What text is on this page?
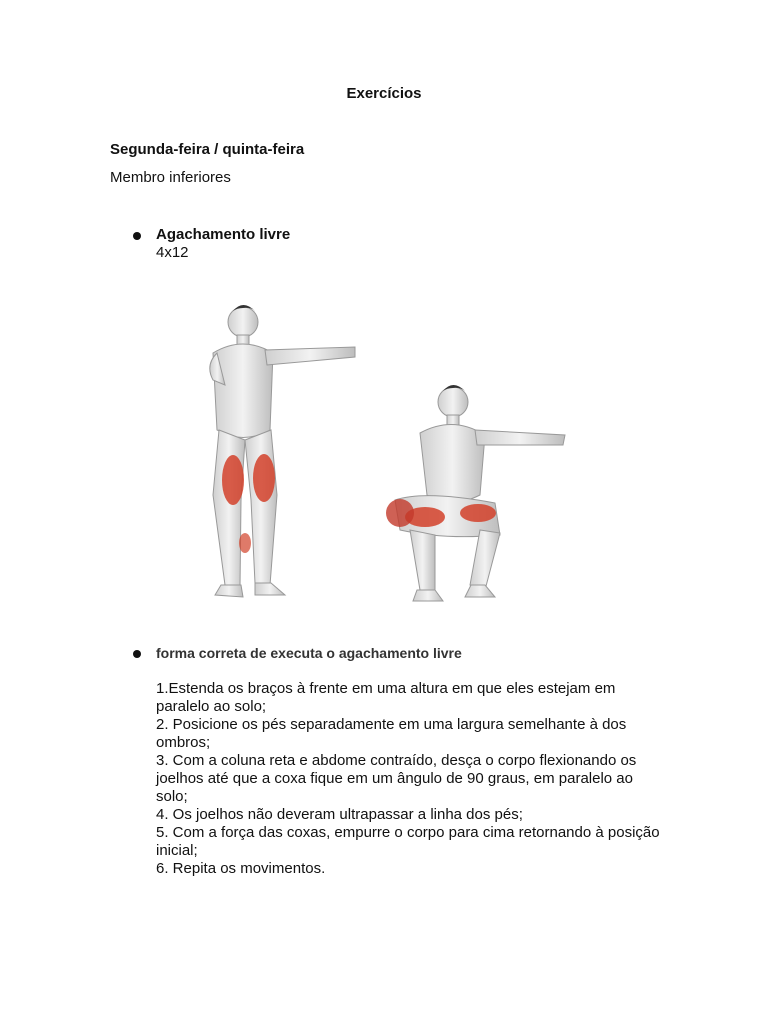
Exercícios
Segunda-feira / quinta-feira
Membro inferiores
Agachamento livre
4x12
forma correta de executa o agachamento livre
1.Estenda os braços à frente em uma altura em que eles estejam em paralelo ao solo;
2. Posicione os pés separadamente em uma largura semelhante à dos ombros;
3. Com a coluna reta e abdome contraído, desça o corpo flexionando os joelhos até que a coxa fique em um ângulo de 90 graus, em paralelo ao solo;
4. Os joelhos não deveram ultrapassar a linha dos pés;
5. Com a força das coxas, empurre o corpo para cima retornando à posição inicial;
6. Repita os movimentos.
